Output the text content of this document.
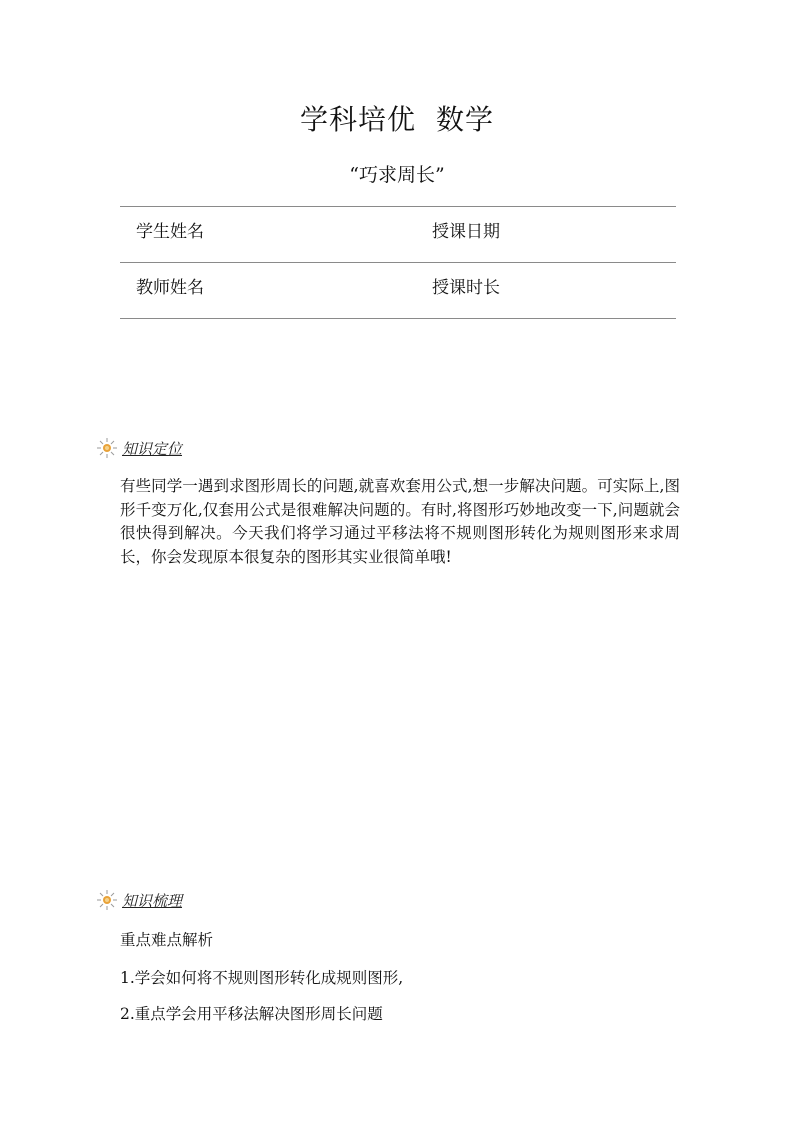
学科培优 数学
“巧求周长”
学生姓名	授课日期
教师姓名	授课时长
知识定位
有些同学一遇到求图形周长的问题,就喜欢套用公式,想一步解决问题。可实际上,图形千变万化,仅套用公式是很难解决问题的。有时,将图形巧妙地改变一下,问题就会很快得到解决。今天我们将学习通过平移法将不规则图形转化为规则图形来求周长，你会发现原本很复杂的图形其实业很简单哦!
知识梳理
重点难点解析
1.学会如何将不规则图形转化成规则图形,
2.重点学会用平移法解决图形周长问题
